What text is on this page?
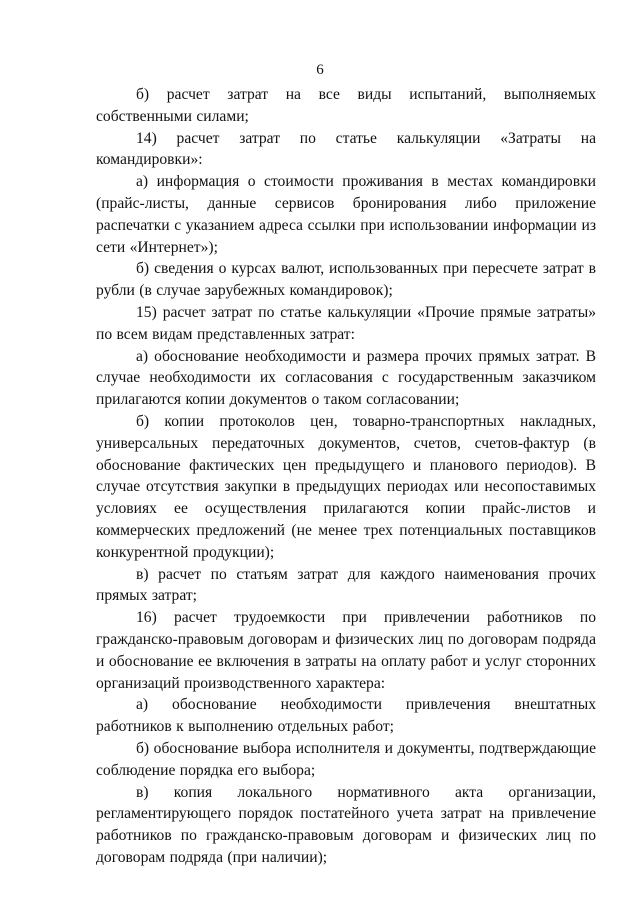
6

б) расчет затрат на все виды испытаний, выполняемых собственными силами;

14) расчет затрат по статье калькуляции «Затраты на командировки»:

а) информация о стоимости проживания в местах командировки (прайс-листы, данные сервисов бронирования либо приложение распечатки с указанием адреса ссылки при использовании информации из сети «Интернет»);

б) сведения о курсах валют, использованных при пересчете затрат в рубли (в случае зарубежных командировок);

15) расчет затрат по статье калькуляции «Прочие прямые затраты» по всем видам представленных затрат:

а) обоснование необходимости и размера прочих прямых затрат. В случае необходимости их согласования с государственным заказчиком прилагаются копии документов о таком согласовании;

б) копии протоколов цен, товарно-транспортных накладных, универсальных передаточных документов, счетов, счетов-фактур (в обоснование фактических цен предыдущего и планового периодов). В случае отсутствия закупки в предыдущих периодах или несопоставимых условиях ее осуществления прилагаются копии прайс-листов и коммерческих предложений (не менее трех потенциальных поставщиков конкурентной продукции);

в) расчет по статьям затрат для каждого наименования прочих прямых затрат;

16) расчет трудоемкости при привлечении работников по гражданско-правовым договорам и физических лиц по договорам подряда и обоснование ее включения в затраты на оплату работ и услуг сторонних организаций производственного характера:

а) обоснование необходимости привлечения внештатных работников к выполнению отдельных работ;

б) обоснование выбора исполнителя и документы, подтверждающие соблюдение порядка его выбора;

в) копия локального нормативного акта организации, регламентирующего порядок постатейного учета затрат на привлечение работников по гражданско-правовым договорам и физических лиц по договорам подряда (при наличии);
